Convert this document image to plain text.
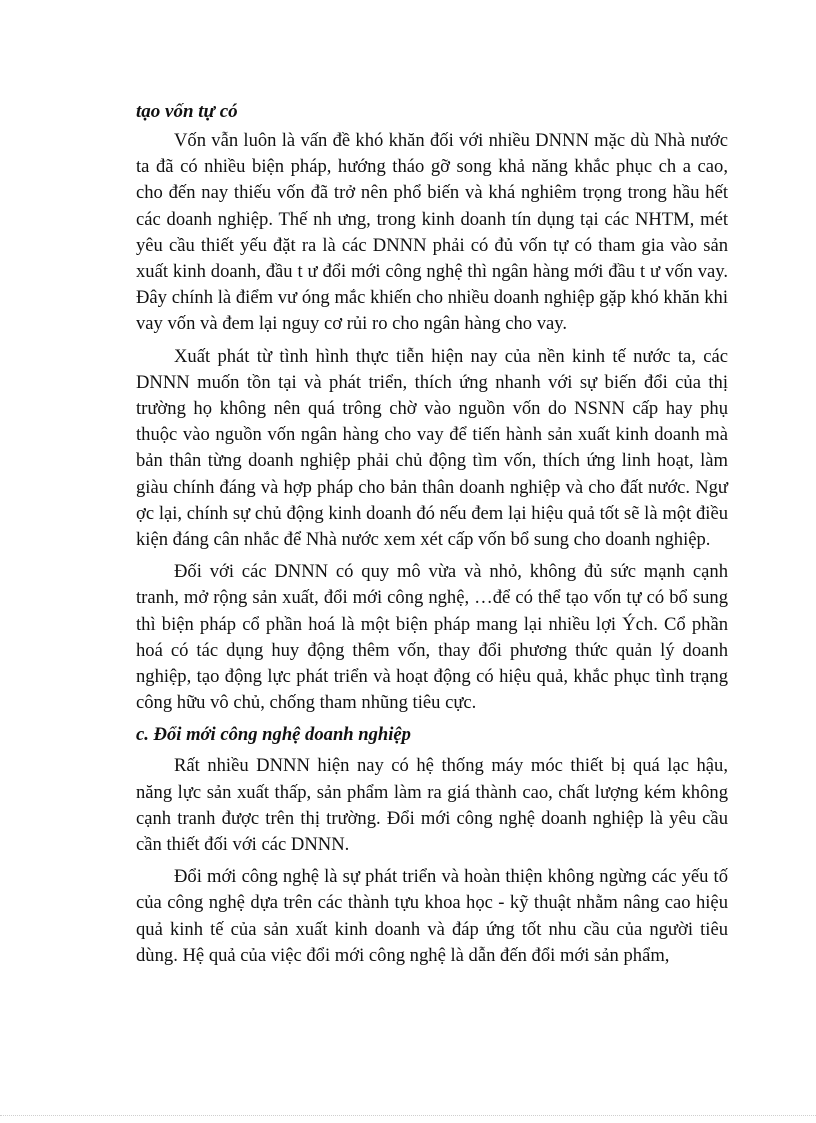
tạo vốn tự có

Vốn vẫn luôn là vấn đề khó khăn đối với nhiều DNNN mặc dù Nhà nước ta đã có nhiều biện pháp, hướng tháo gỡ song khả năng khắc phục ch a cao, cho đến nay thiếu vốn đã trở nên phổ biến và khá nghiêm trọng trong hầu hết các doanh nghiệp. Thế nh ưng, trong kinh doanh tín dụng tại các NHTM, mét yêu cầu thiết yếu đặt ra là các DNNN phải có đủ vốn tự có tham gia vào sản xuất kinh doanh, đầu t ư đổi mới công nghệ thì ngân hàng mới đầu t ư vốn vay. Đây chính là điểm vư óng mắc khiến cho nhiều doanh nghiệp gặp khó khăn khi vay vốn và đem lại nguy cơ rủi ro cho ngân hàng cho vay.

Xuất phát từ tình hình thực tiễn hiện nay của nền kinh tế nước ta, các DNNN muốn tồn tại và phát triển, thích ứng nhanh với sự biến đổi của thị trường họ không nên quá trông chờ vào nguồn vốn do NSNN cấp hay phụ thuộc vào nguồn vốn ngân hàng cho vay để tiến hành sản xuất kinh doanh mà bản thân từng doanh nghiệp phải chủ động tìm vốn, thích ứng linh hoạt, làm giàu chính đáng và hợp pháp cho bản thân doanh nghiệp và cho đất nước. Ngư ợc lại, chính sự chủ động kinh doanh đó nếu đem lại hiệu quả tốt sẽ là một điều kiện đáng cân nhắc để Nhà nước xem xét cấp vốn bổ sung cho doanh nghiệp.

Đối với các DNNN có quy mô vừa và nhỏ, không đủ sức mạnh cạnh tranh, mở rộng sản xuất, đổi mới công nghệ, …để có thể tạo vốn tự có bổ sung thì biện pháp cổ phần hoá là một biện pháp mang lại nhiều lợi Ých. Cổ phần hoá có tác dụng huy động thêm vốn, thay đổi phương thức quản lý doanh nghiệp, tạo động lực phát triển và hoạt động có hiệu quả, khắc phục tình trạng công hữu vô chủ, chống tham nhũng tiêu cực.

c. Đổi mới công nghệ doanh nghiệp

Rất nhiều DNNN hiện nay có hệ thống máy móc thiết bị quá lạc hậu, năng lực sản xuất thấp, sản phẩm làm ra giá thành cao, chất lượng kém không cạnh tranh được trên thị trường. Đổi mới công nghệ doanh nghiệp là yêu cầu cần thiết đối với các DNNN.

Đổi mới công nghệ là sự phát triển và hoàn thiện không ngừng các yếu tố của công nghệ dựa trên các thành tựu khoa học - kỹ thuật nhằm nâng cao hiệu quả kinh tế của sản xuất kinh doanh và đáp ứng tốt nhu cầu của người tiêu dùng. Hệ quả của việc đổi mới công nghệ là dẫn đến đổi mới sản phẩm,
